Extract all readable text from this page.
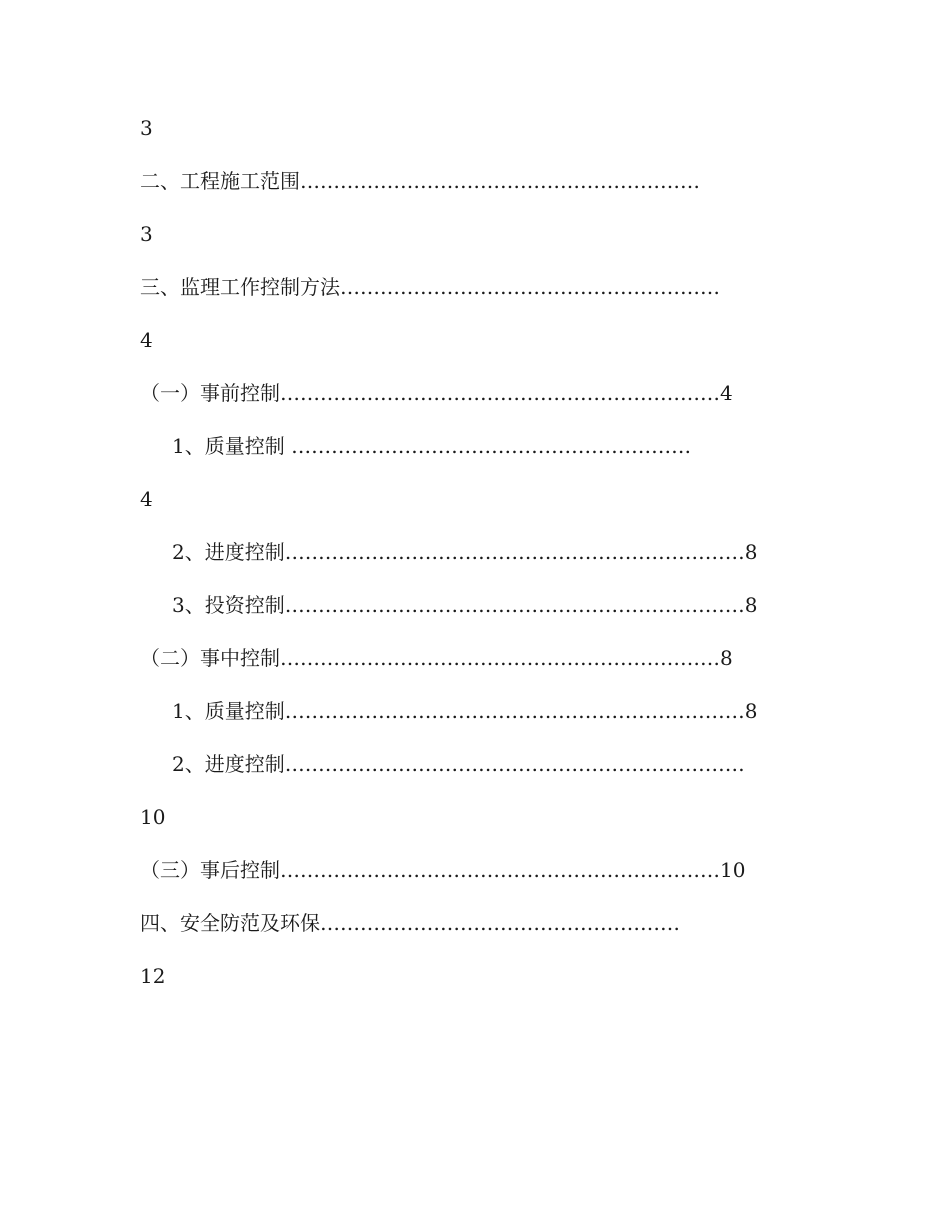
3
二、工程施工范围……………………………………………………
3
三、监理工作控制方法…………………………………………………
4
（一）事前控制…………………………………………………………4
1、质量控制 ……………………………………………………
4
2、进度控制……………………………………………………………8
3、投资控制……………………………………………………………8
（二）事中控制…………………………………………………………8
1、质量控制……………………………………………………………8
2、进度控制……………………………………………………………
10
（三）事后控制…………………………………………………………10
四、安全防范及环保………………………………………………
12
